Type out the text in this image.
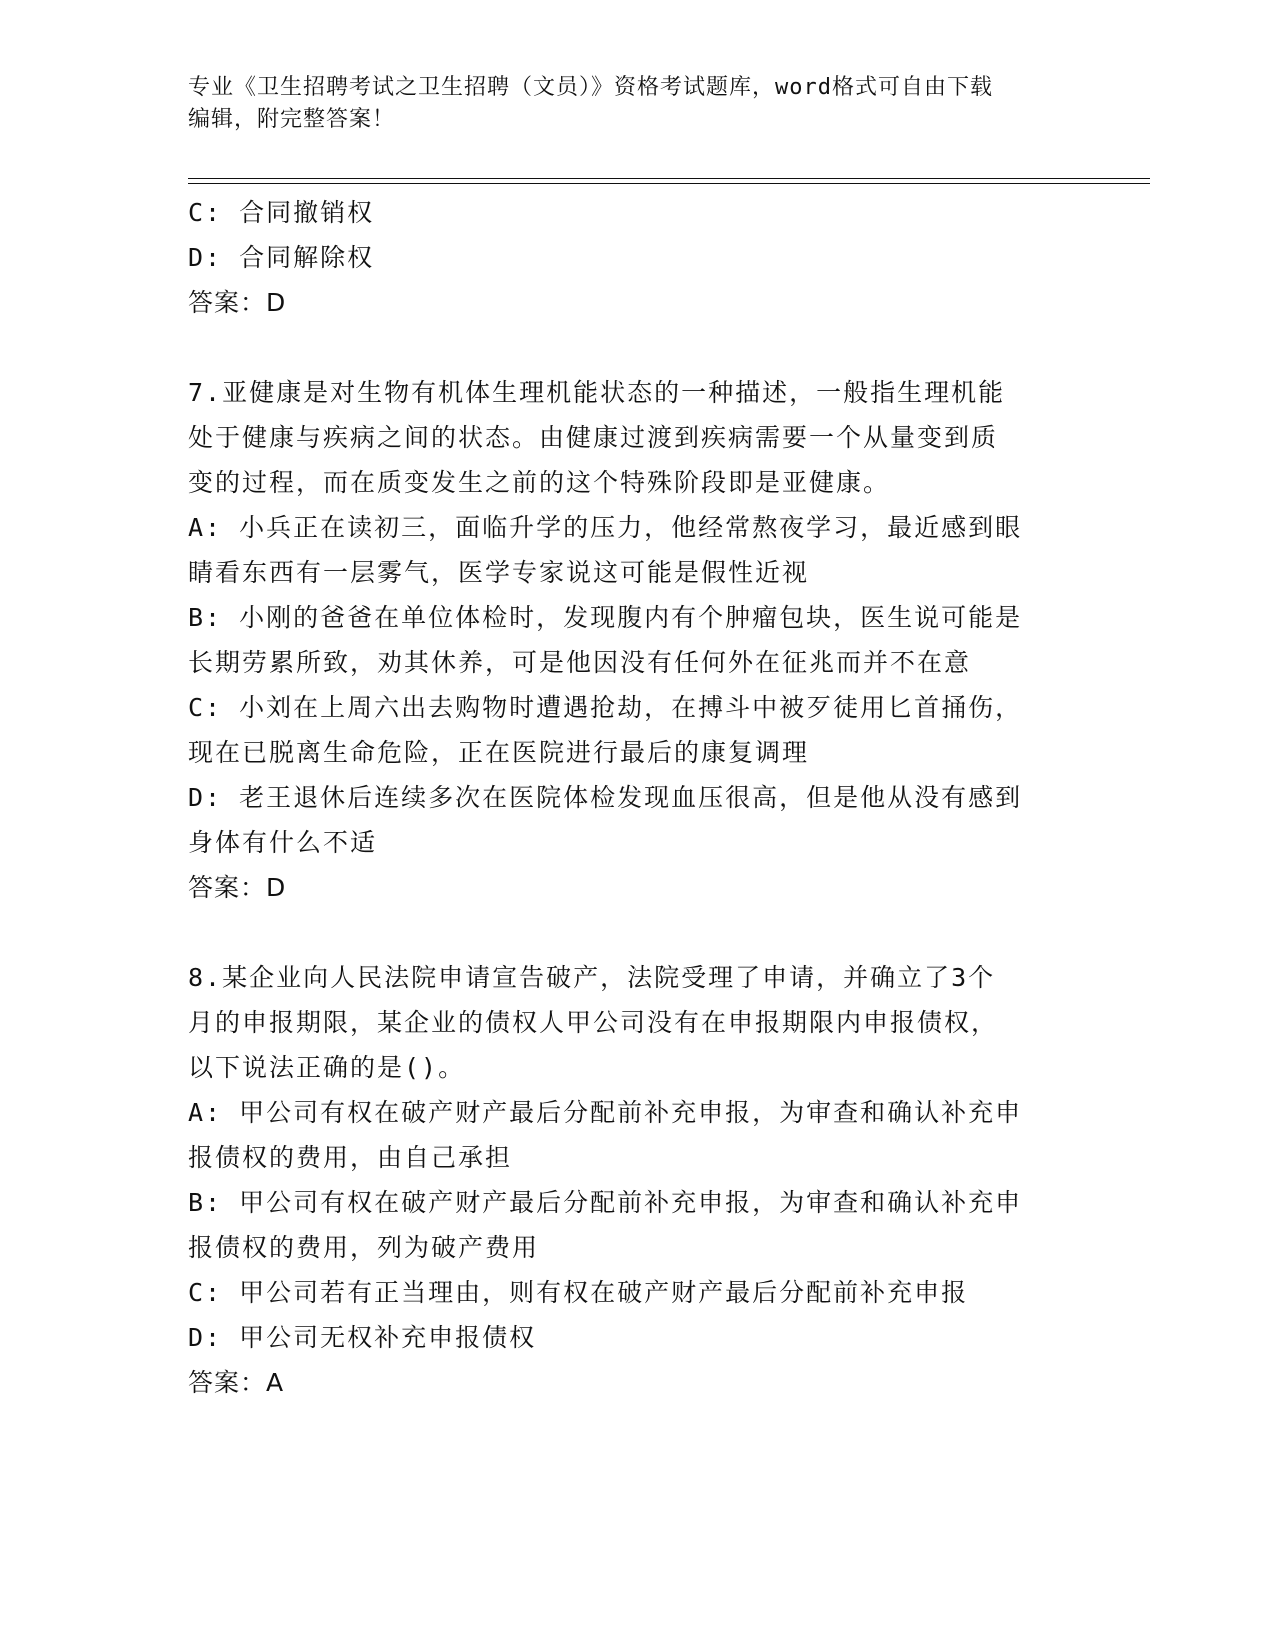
专业《卫生招聘考试之卫生招聘（文员）》资格考试题库，word格式可自由下载
编辑，附完整答案！
C: 合同撤销权
D: 合同解除权
答案：D
7.亚健康是对生物有机体生理机能状态的一种描述，一般指生理机能
处于健康与疾病之间的状态。由健康过渡到疾病需要一个从量变到质
变的过程，而在质变发生之前的这个特殊阶段即是亚健康。
A: 小兵正在读初三，面临升学的压力，他经常熬夜学习，最近感到眼
睛看东西有一层雾气，医学专家说这可能是假性近视
B: 小刚的爸爸在单位体检时，发现腹内有个肿瘤包块，医生说可能是
长期劳累所致，劝其休养，可是他因没有任何外在征兆而并不在意
C: 小刘在上周六出去购物时遭遇抢劫，在搏斗中被歹徒用匕首捅伤，
现在已脱离生命危险，正在医院进行最后的康复调理
D: 老王退休后连续多次在医院体检发现血压很高，但是他从没有感到
身体有什么不适
答案：D
8.某企业向人民法院申请宣告破产，法院受理了申请，并确立了3个
月的申报期限，某企业的债权人甲公司没有在申报期限内申报债权，
以下说法正确的是()。
A: 甲公司有权在破产财产最后分配前补充申报，为审查和确认补充申
报债权的费用，由自己承担
B: 甲公司有权在破产财产最后分配前补充申报，为审查和确认补充申
报债权的费用，列为破产费用
C: 甲公司若有正当理由，则有权在破产财产最后分配前补充申报
D: 甲公司无权补充申报债权
答案：A
